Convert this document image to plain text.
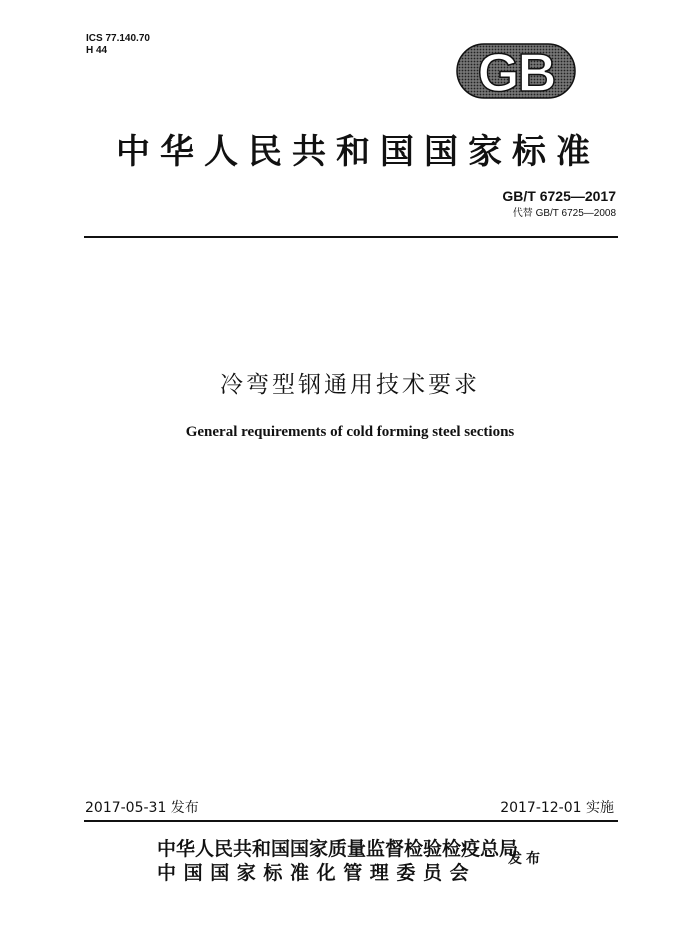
ICS 77.140.70
H 44	GB
中华人民共和国国家标准
GB/T 6725—2017
代替 GB/T 6725—2008
冷弯型钢通用技术要求
General requirements of cold forming steel sections
2017-05-31 发布	2017-12-01 实施
中华人民共和国国家质量监督检验检疫总局
中国国家标准化管理委员会
发布
